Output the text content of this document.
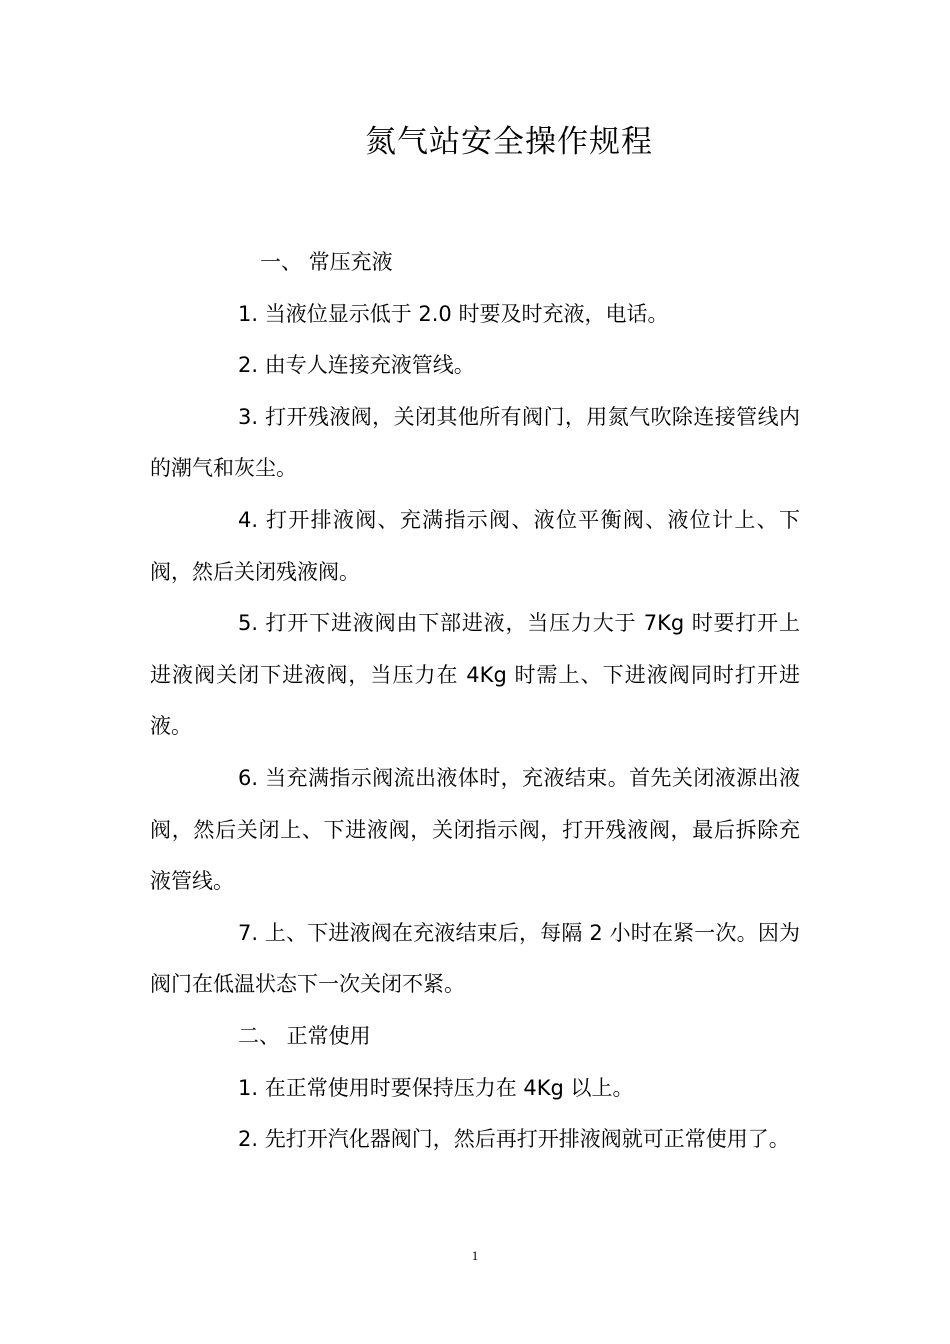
氮气站安全操作规程

一、 常压充液

1. 当液位显示低于 2.0 时要及时充液，电话。

2. 由专人连接充液管线。

3. 打开残液阀，关闭其他所有阀门，用氮气吹除连接管线内的潮气和灰尘。

4. 打开排液阀、充满指示阀、液位平衡阀、液位计上、下阀，然后关闭残液阀。

5. 打开下进液阀由下部进液，当压力大于 7Kg 时要打开上进液阀关闭下进液阀，当压力在 4Kg 时需上、下进液阀同时打开进液。

6. 当充满指示阀流出液体时，充液结束。首先关闭液源出液阀，然后关闭上、下进液阀，关闭指示阀，打开残液阀，最后拆除充液管线。

7. 上、下进液阀在充液结束后，每隔 2 小时在紧一次。因为阀门在低温状态下一次关闭不紧。

二、 正常使用

1. 在正常使用时要保持压力在 4Kg 以上。

2. 先打开汽化器阀门，然后再打开排液阀就可正常使用了。

1
